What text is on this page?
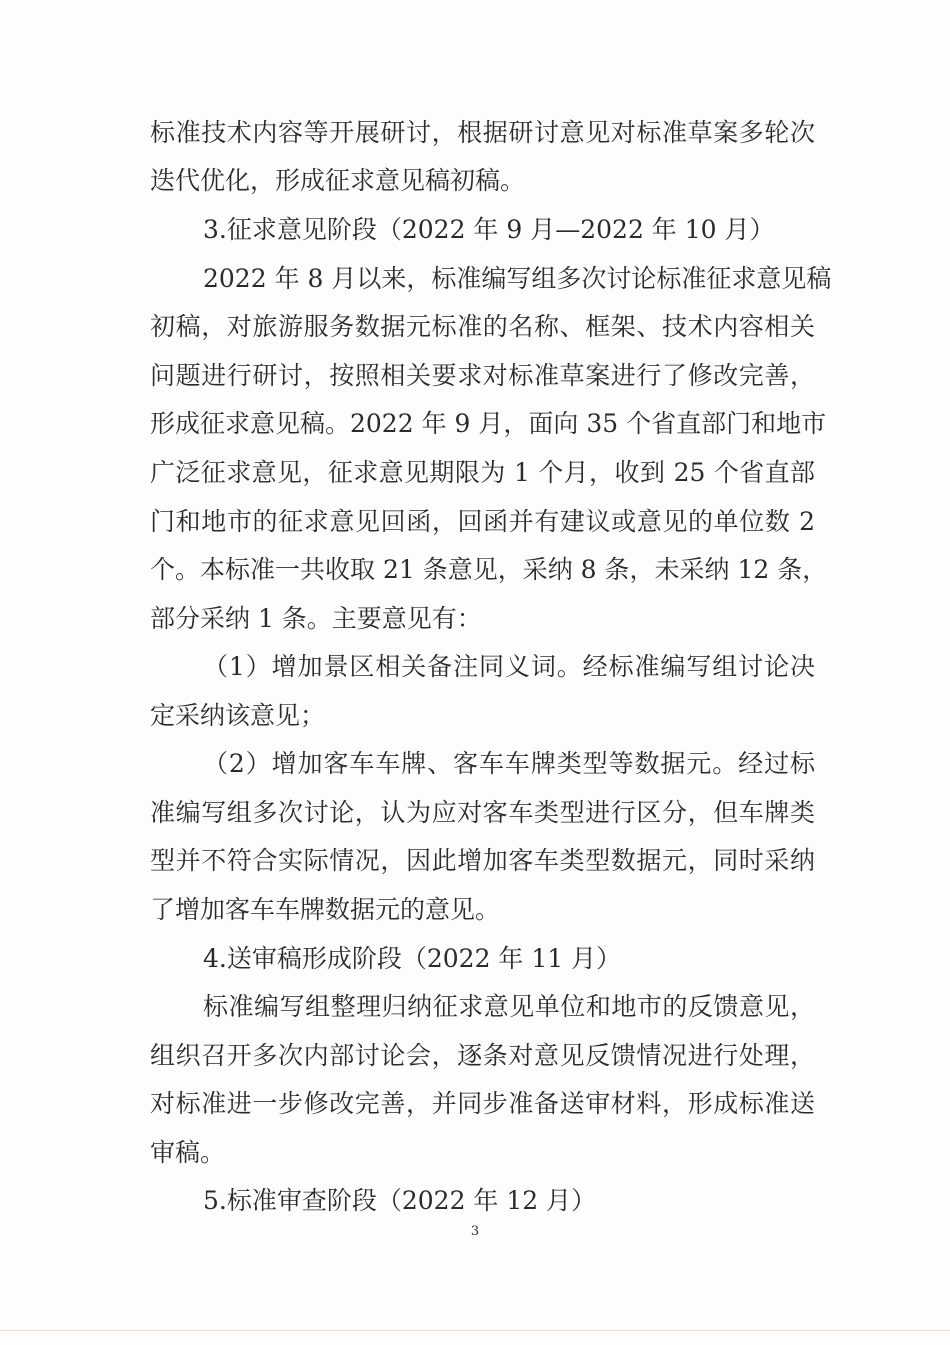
标准技术内容等开展研讨，根据研讨意见对标准草案多轮次
迭代优化，形成征求意见稿初稿。
3.征求意见阶段（2022 年 9 月—2022 年 10 月）
2022 年 8 月以来，标准编写组多次讨论标准征求意见稿
初稿，对旅游服务数据元标准的名称、框架、技术内容相关
问题进行研讨，按照相关要求对标准草案进行了修改完善，
形成征求意见稿。2022 年 9 月，面向 35 个省直部门和地市
广泛征求意见，征求意见期限为 1 个月，收到 25 个省直部
门和地市的征求意见回函，回函并有建议或意见的单位数 2
个。本标准一共收取 21 条意见，采纳 8 条，未采纳 12 条，
部分采纳 1 条。主要意见有：
（1）增加景区相关备注同义词。经标准编写组讨论决
定采纳该意见；
（2）增加客车车牌、客车车牌类型等数据元。经过标
准编写组多次讨论，认为应对客车类型进行区分，但车牌类
型并不符合实际情况，因此增加客车类型数据元，同时采纳
了增加客车车牌数据元的意见。
4.送审稿形成阶段（2022 年 11 月）
标准编写组整理归纳征求意见单位和地市的反馈意见，
组织召开多次内部讨论会，逐条对意见反馈情况进行处理，
对标准进一步修改完善，并同步准备送审材料，形成标准送
审稿。
5.标准审查阶段（2022 年 12 月）
3
